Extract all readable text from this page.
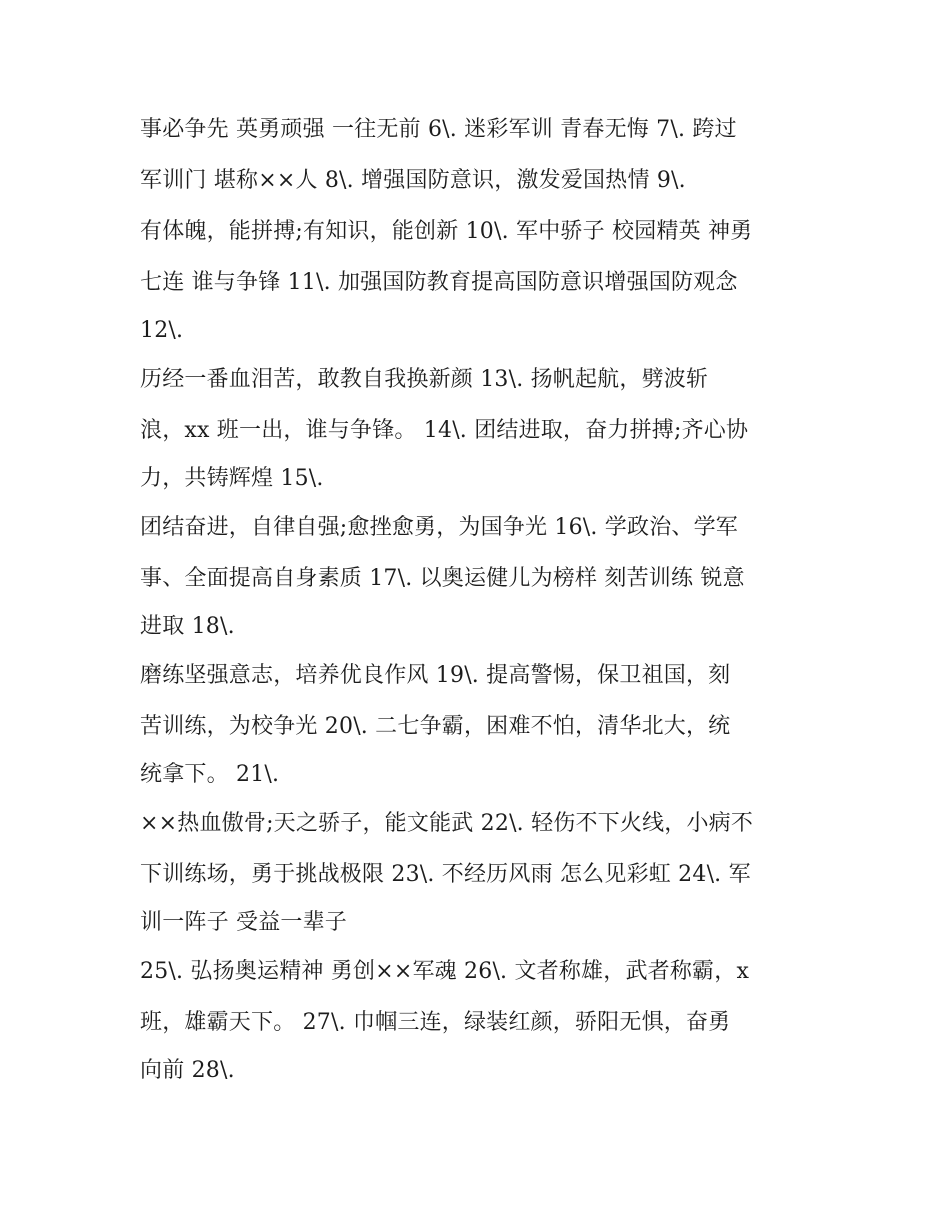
事必争先 英勇顽强 一往无前 6\. 迷彩军训 青春无悔 7\. 跨过
军训门 堪称××人 8\. 增强国防意识，激发爱国热情 9\.
有体魄，能拼搏;有知识，能创新 10\. 军中骄子 校园精英 神勇
七连 谁与争锋 11\. 加强国防教育提高国防意识增强国防观念
12\.
历经一番血泪苦，敢教自我换新颜 13\. 扬帆起航，劈波斩
浪，xx 班一出，谁与争锋。 14\. 团结进取，奋力拼搏;齐心协
力，共铸辉煌 15\.
团结奋进，自律自强;愈挫愈勇，为国争光 16\. 学政治、学军
事、全面提高自身素质 17\. 以奥运健儿为榜样 刻苦训练 锐意
进取 18\.
磨练坚强意志，培养优良作风 19\. 提高警惕，保卫祖国，刻
苦训练，为校争光 20\. 二七争霸，困难不怕，清华北大，统
统拿下。 21\.
××热血傲骨;天之骄子，能文能武 22\. 轻伤不下火线，小病不
下训练场，勇于挑战极限 23\. 不经历风雨 怎么见彩虹 24\. 军
训一阵子 受益一辈子
25\. 弘扬奥运精神 勇创××军魂 26\. 文者称雄，武者称霸，x
班，雄霸天下。 27\. 巾帼三连，绿装红颜，骄阳无惧，奋勇
向前 28\.
